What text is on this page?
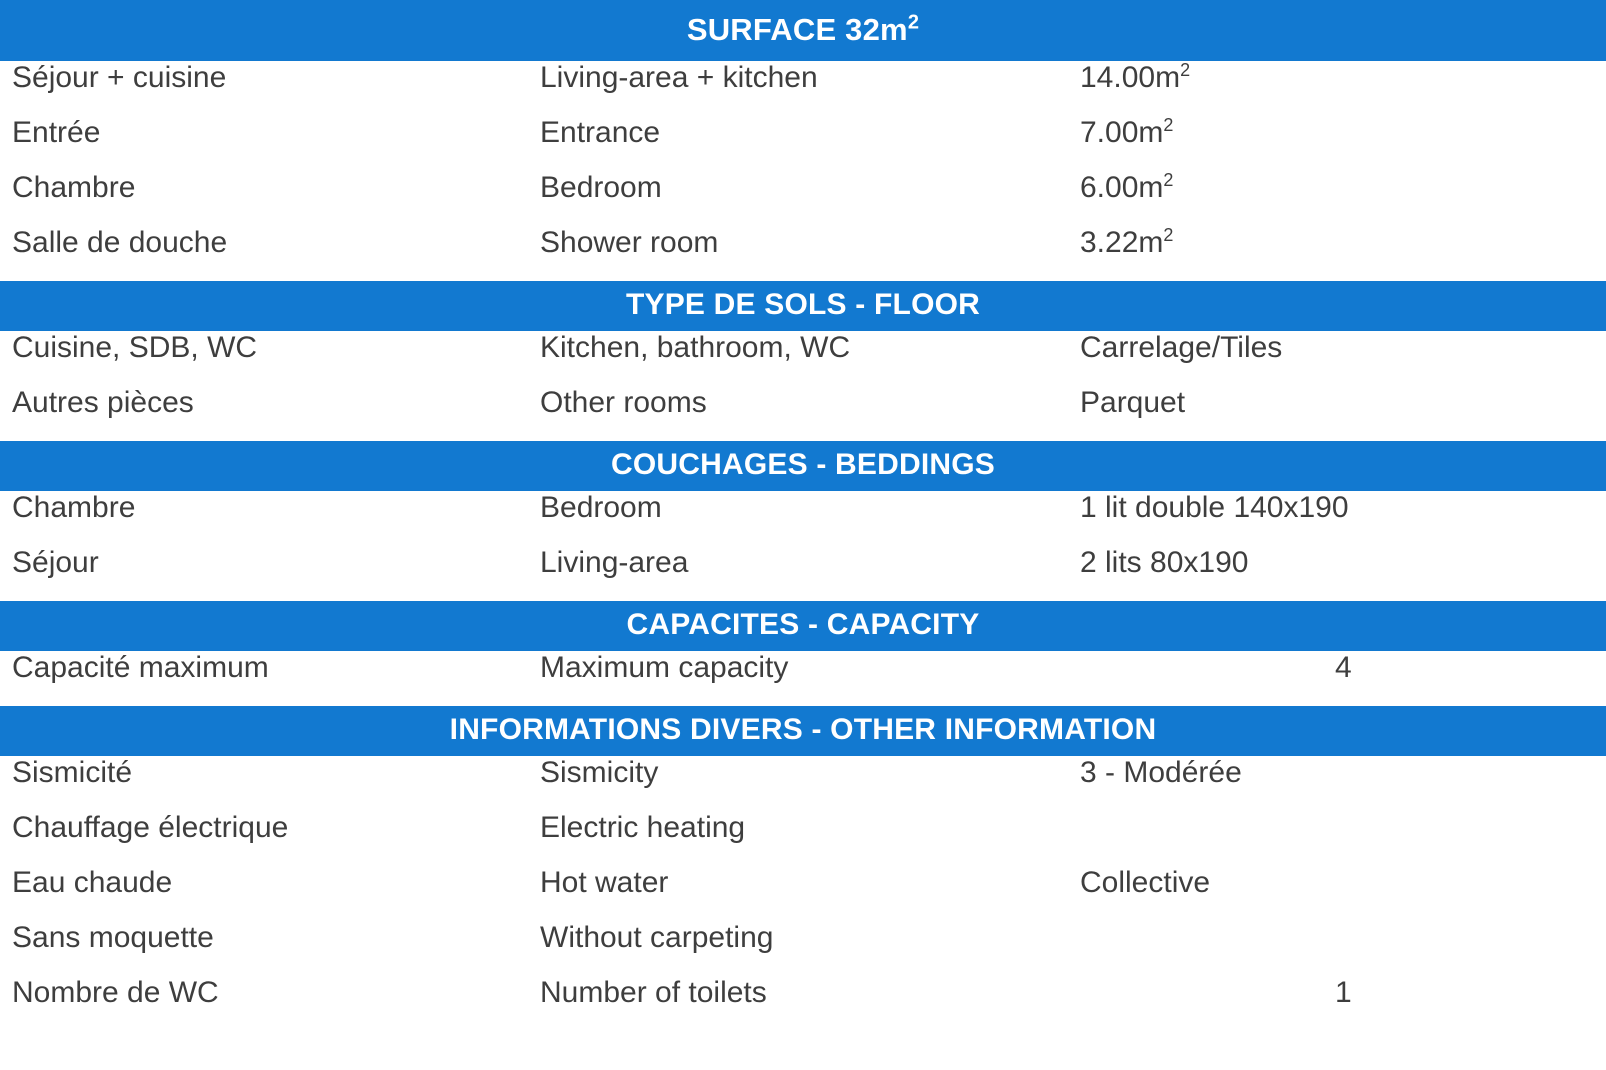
SURFACE $32m^2$
Séjour + cuisine	Living-area + kitchen	$14.00m^2$
Entrée	Entrance	$7.00m^2$
Chambre	Bedroom	$6.00m^2$
Salle de douche	Shower room	$3.22m^2$
TYPE DE SOLS - FLOOR
Cuisine, SDB, WC	Kitchen, bathroom, WC	Carrelage/Tiles
Autres pièces	Other rooms	Parquet
COUCHAGES - BEDDINGS
Chambre	Bedroom	1 lit double 140x190
Séjour	Living-area	2 lits 80x190
CAPACITES - CAPACITY
Capacité maximum	Maximum capacity	4
INFORMATIONS DIVERS - OTHER INFORMATION
Sismicité	Sismicity	3 - Modérée
Chauffage électrique	Electric heating
Eau chaude	Hot water	Collective
Sans moquette	Without carpeting
Nombre de WC	Number of toilets	1
